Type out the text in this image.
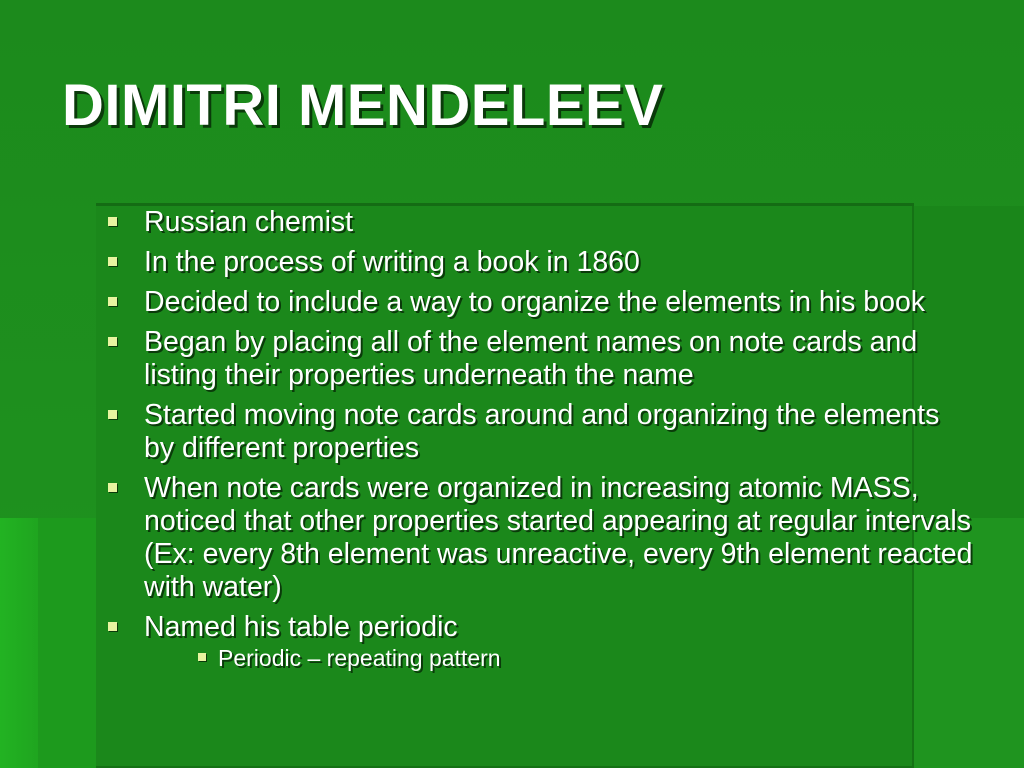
DIMITRI MENDELEEV
Russian chemist
In the process of writing a book in 1860
Decided to include a way to organize the elements in his book
Began by placing all of the element names on note cards and listing their properties underneath the name
Started moving note cards around and organizing the elements by different properties
When note cards were organized in increasing atomic MASS, noticed that other properties started appearing at regular intervals (Ex: every 8th element was unreactive, every 9th element reacted with water)
Named his table periodic
Periodic – repeating pattern
